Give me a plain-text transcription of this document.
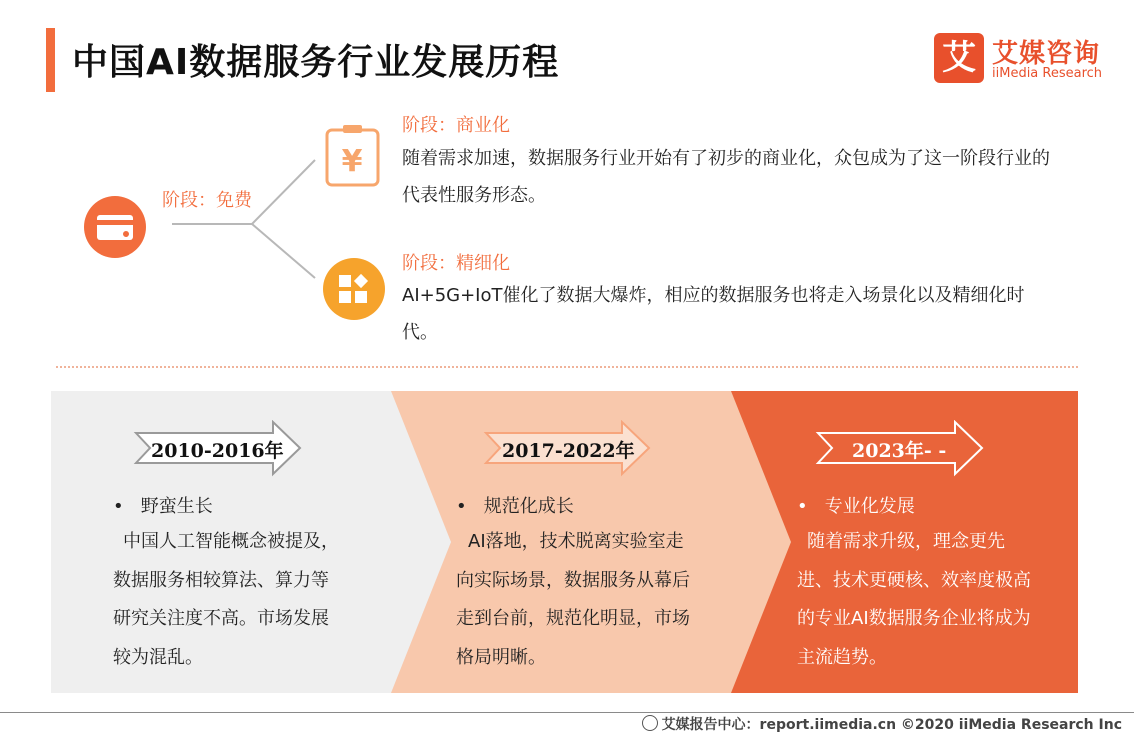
中国AI数据服务行业发展历程	艾 艾媒咨询
iiMedia Research
¥
阶段：免费
阶段：商业化
随着需求加速，数据服务行业开始有了初步的商业化，众包成为了这一阶段行业的代表性服务形态。
阶段：精细化
AI+5G+IoT催化了数据大爆炸，相应的数据服务也将走入场景化以及精细化时代。
2010-2016年	2017-2022年	2023年- -
•   野蛮生长
中国人工智能概念被提及，数据服务相较算法、算力等研究关注度不高。市场发展较为混乱。
•   规范化成长
AI落地，技术脱离实验室走向实际场景，数据服务从幕后走到台前，规范化明显，市场格局明晰。
•   专业化发展
随着需求升级，理念更先进、技术更硬核、效率度极高的专业AI数据服务企业将成为主流趋势。
艾媒报告中心：report.iimedia.cn ©2020 iiMedia Research Inc
